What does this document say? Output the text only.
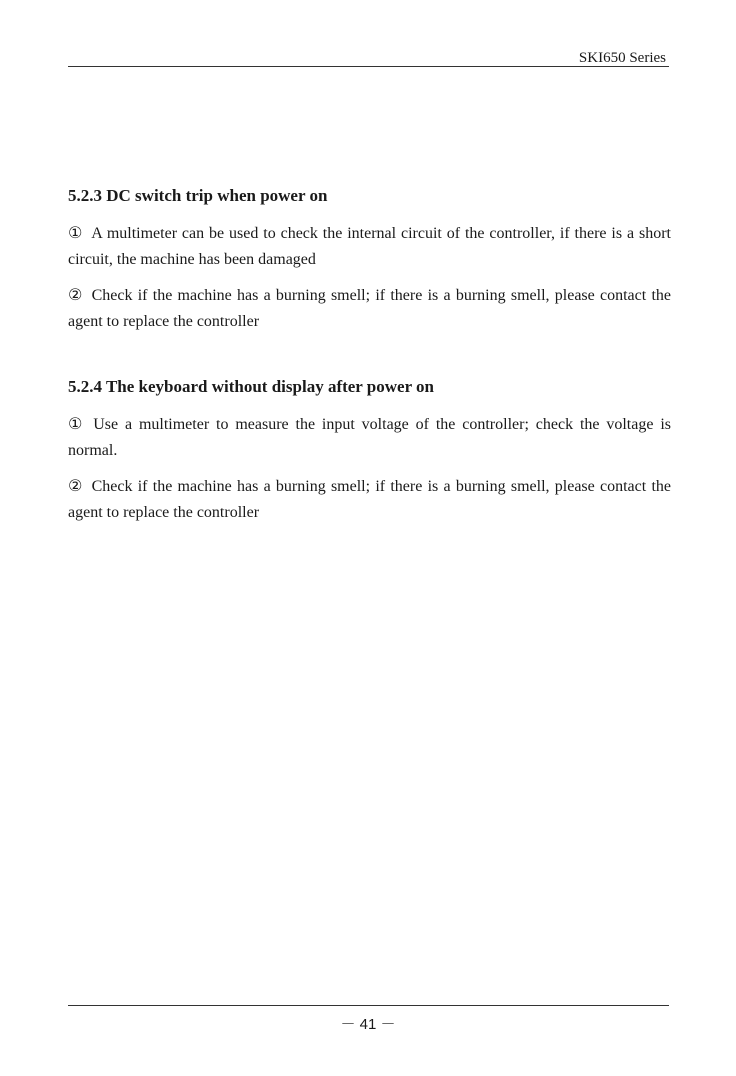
SKI650 Series

5.2.3 DC switch trip when power on

① A multimeter can be used to check the internal circuit of the controller, if there is a short circuit, the machine has been damaged

② Check if the machine has a burning smell; if there is a burning smell, please contact the agent to replace the controller

5.2.4 The keyboard without display after power on

① Use a multimeter to measure the input voltage of the controller; check the voltage is normal.

② Check if the machine has a burning smell; if there is a burning smell, please contact the agent to replace the controller

－ 41 －
